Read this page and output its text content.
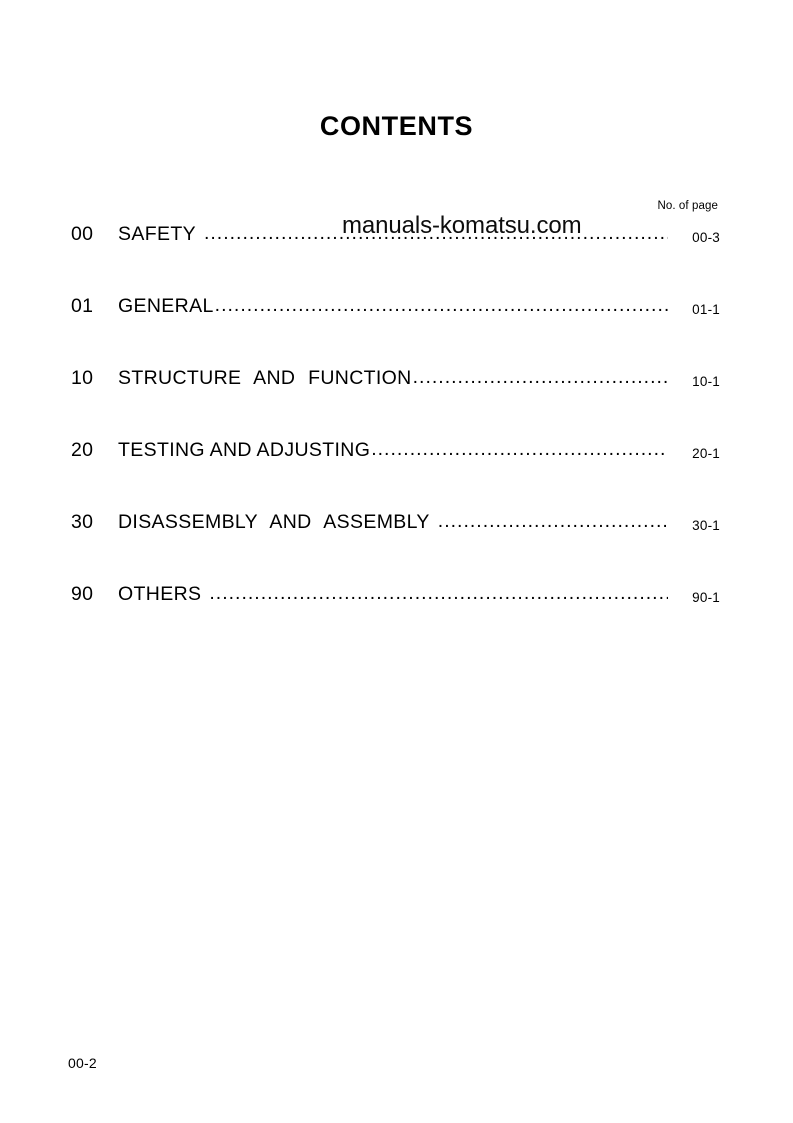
CONTENTS
No. of page
00	SAFETY .....	00-3
01	GENERAL .....	01-1
10	STRUCTURE AND FUNCTION .....	10-1
20	TESTING AND ADJUSTING .....	20-1
30	DISASSEMBLY AND ASSEMBLY .....	30-1
90	OTHERS .....	90-1
manuals-komatsu.com
00-2
